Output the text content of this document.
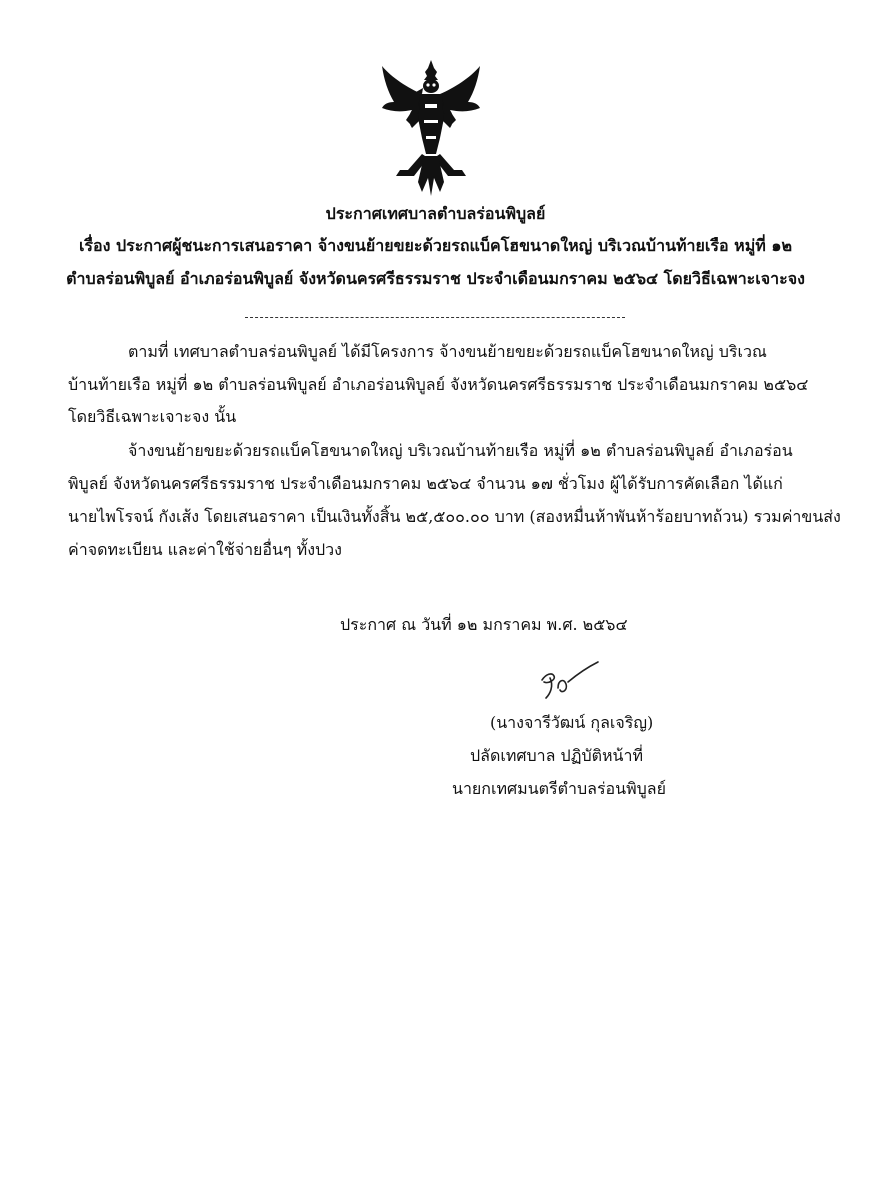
ประกาศเทศบาลตำบลร่อนพิบูลย์
เรื่อง ประกาศผู้ชนะการเสนอราคา จ้างขนย้ายขยะด้วยรถแบ็คโฮขนาดใหญ่ บริเวณบ้านท้ายเรือ หมู่ที่ ๑๒
ตำบลร่อนพิบูลย์ อำเภอร่อนพิบูลย์ จังหวัดนครศรีธรรมราช ประจำเดือนมกราคม ๒๕๖๔ โดยวิธีเฉพาะเจาะจง
ตามที่ เทศบาลตำบลร่อนพิบูลย์ ได้มีโครงการ จ้างขนย้ายขยะด้วยรถแบ็คโฮขนาดใหญ่ บริเวณ
บ้านท้ายเรือ หมู่ที่ ๑๒ ตำบลร่อนพิบูลย์ อำเภอร่อนพิบูลย์ จังหวัดนครศรีธรรมราช ประจำเดือนมกราคม ๒๕๖๔
โดยวิธีเฉพาะเจาะจง นั้น
จ้างขนย้ายขยะด้วยรถแบ็คโฮขนาดใหญ่ บริเวณบ้านท้ายเรือ หมู่ที่ ๑๒ ตำบลร่อนพิบูลย์ อำเภอร่อน
พิบูลย์ จังหวัดนครศรีธรรมราช ประจำเดือนมกราคม ๒๕๖๔ จำนวน ๑๗ ชั่วโมง ผู้ได้รับการคัดเลือก ได้แก่
นายไพโรจน์ กังเส้ง โดยเสนอราคา เป็นเงินทั้งสิ้น ๒๕,๕๐๐.๐๐ บาท (สองหมื่นห้าพันห้าร้อยบาทถ้วน) รวมค่าขนส่ง
ค่าจดทะเบียน และค่าใช้จ่ายอื่นๆ ทั้งปวง
ประกาศ ณ วันที่ ๑๒ มกราคม พ.ศ. ๒๕๖๔
(นางจารีวัฒน์ กุลเจริญ)
ปลัดเทศบาล ปฏิบัติหน้าที่
นายกเทศมนตรีตำบลร่อนพิบูลย์
